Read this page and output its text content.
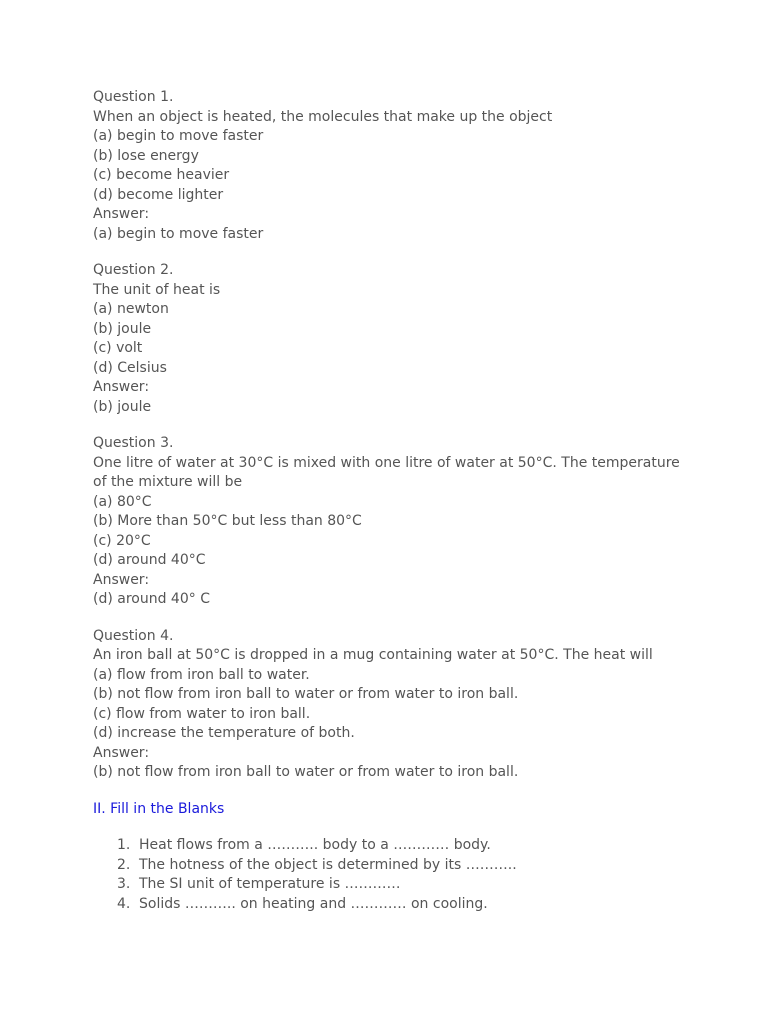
Question 1.
When an object is heated, the molecules that make up the object
(a) begin to move faster
(b) lose energy
(c) become heavier
(d) become lighter
Answer:
(a) begin to move faster
Question 2.
The unit of heat is
(a) newton
(b) joule
(c) volt
(d) Celsius
Answer:
(b) joule
Question 3.
One litre of water at 30°C is mixed with one litre of water at 50°C. The temperature of the mixture will be
(a) 80°C
(b) More than 50°C but less than 80°C
(c) 20°C
(d) around 40°C
Answer:
(d) around 40° C
Question 4.
An iron ball at 50°C is dropped in a mug containing water at 50°C. The heat will
(a) flow from iron ball to water.
(b) not flow from iron ball to water or from water to iron ball.
(c) flow from water to iron ball.
(d) increase the temperature of both.
Answer:
(b) not flow from iron ball to water or from water to iron ball.
II. Fill in the Blanks
1. Heat flows from a ……….. body to a ………… body.
2. The hotness of the object is determined by its ………..
3. The SI unit of temperature is …………
4. Solids ……….. on heating and ………… on cooling.
